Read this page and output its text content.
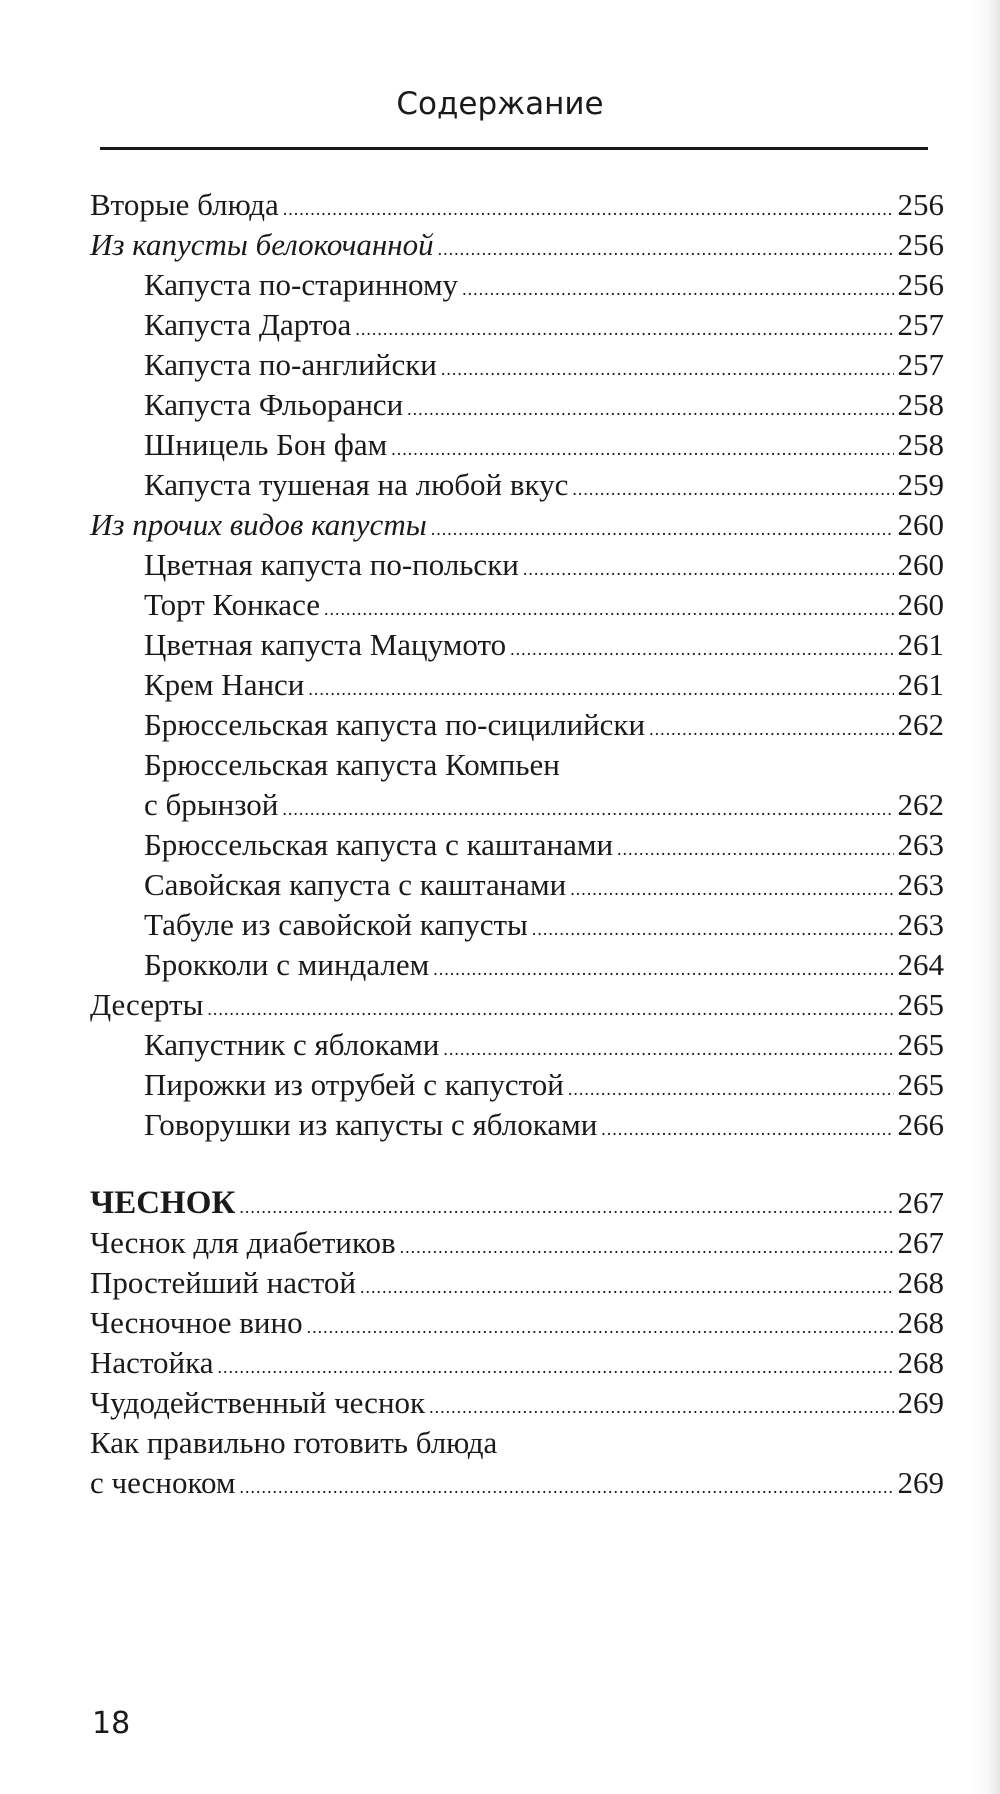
Содержание
Вторые блюда .....	256
Из капусты белокочанной .....	256
Капуста по-старинному .....	256
Капуста Дартоа .....	257
Капуста по-английски .....	257
Капуста Фльоранси .....	258
Шницель Бон фам .....	258
Капуста тушеная на любой вкус .....	259
Из прочих видов капусты .....	260
Цветная капуста по-польски .....	260
Торт Конкасе .....	260
Цветная капуста Мацумото .....	261
Крем Нанси .....	261
Брюссельская капуста по-сицилийски .....	262
Брюссельская капуста Компьен
с брынзой .....	262
Брюссельская капуста с каштанами .....	263
Савойская капуста с каштанами .....	263
Табуле из савойской капусты .....	263
Брокколи с миндалем .....	264
Десерты .....	265
Капустник с яблоками .....	265
Пирожки из отрубей с капустой .....	265
Говорушки из капусты с яблоками .....	266
ЧЕСНОК .....	267
Чеснок для диабетиков .....	267
Простейший настой .....	268
Чесночное вино .....	268
Настойка .....	268
Чудодейственный чеснок .....	269
Как правильно готовить блюда
с чесноком .....	269
18
